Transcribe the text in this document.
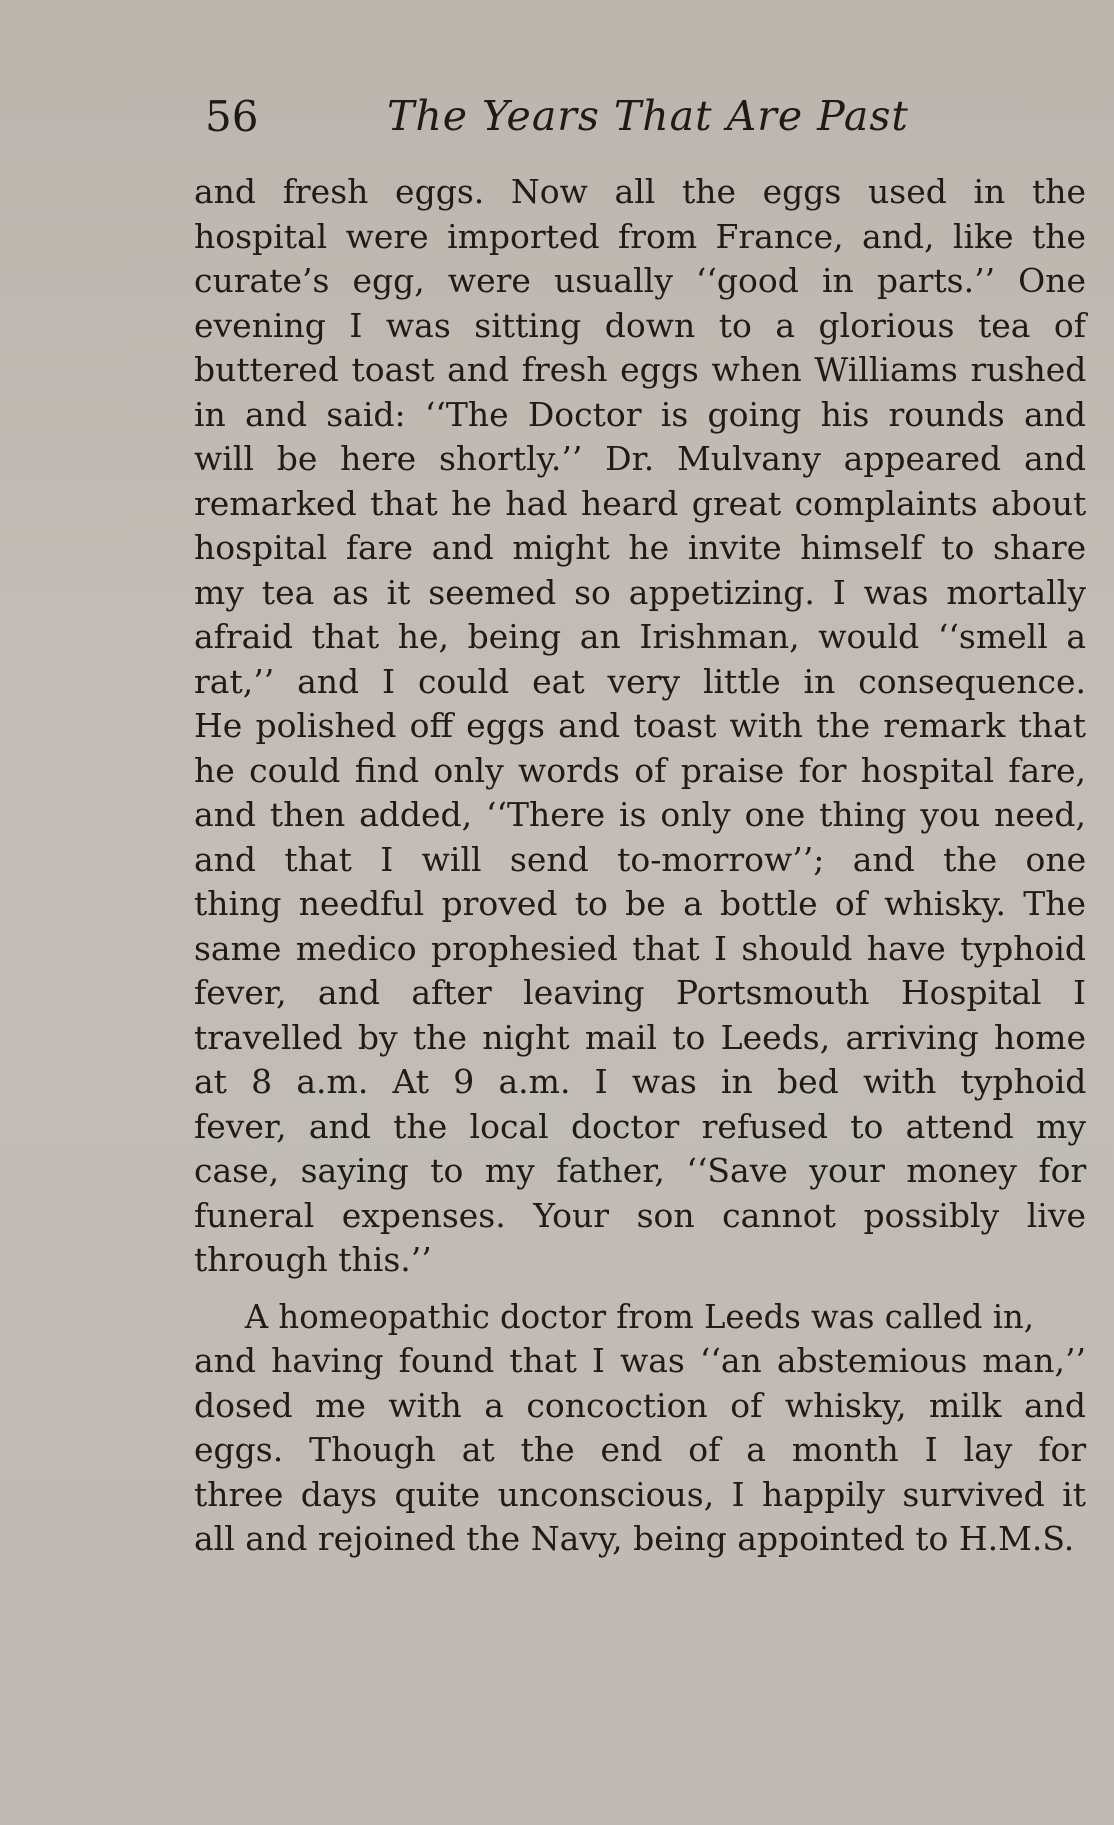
56	The Years That Are Past

and fresh eggs. Now all the eggs used in the
hospital were imported from France, and, like the
curate’s egg, were usually ‘‘good in parts.’’ One
evening I was sitting down to a glorious tea of
buttered toast and fresh eggs when Williams rushed
in and said: ‘‘The Doctor is going his rounds and
will be here shortly.’’ Dr. Mulvany appeared and
remarked that he had heard great complaints about
hospital fare and might he invite himself to share
my tea as it seemed so appetizing. I was mortally
afraid that he, being an Irishman, would ‘‘smell a
rat,’’ and I could eat very little in consequence.
He polished off eggs and toast with the remark that
he could find only words of praise for hospital fare,
and then added, ‘‘There is only one thing you need,
and that I will send to-morrow’’; and the one
thing needful proved to be a bottle of whisky. The
same medico prophesied that I should have typhoid
fever, and after leaving Portsmouth Hospital I
travelled by the night mail to Leeds, arriving home
at 8 a.m. At 9 a.m. I was in bed with typhoid
fever, and the local doctor refused to attend my
case, saying to my father, ‘‘Save your money for
funeral expenses. Your son cannot possibly live
through this.’’

A homeopathic doctor from Leeds was called in,
and having found that I was ‘‘an abstemious man,’’
dosed me with a concoction of whisky, milk and
eggs. Though at the end of a month I lay for
three days quite unconscious, I happily survived it
all and rejoined the Navy, being appointed to H.M.S.
